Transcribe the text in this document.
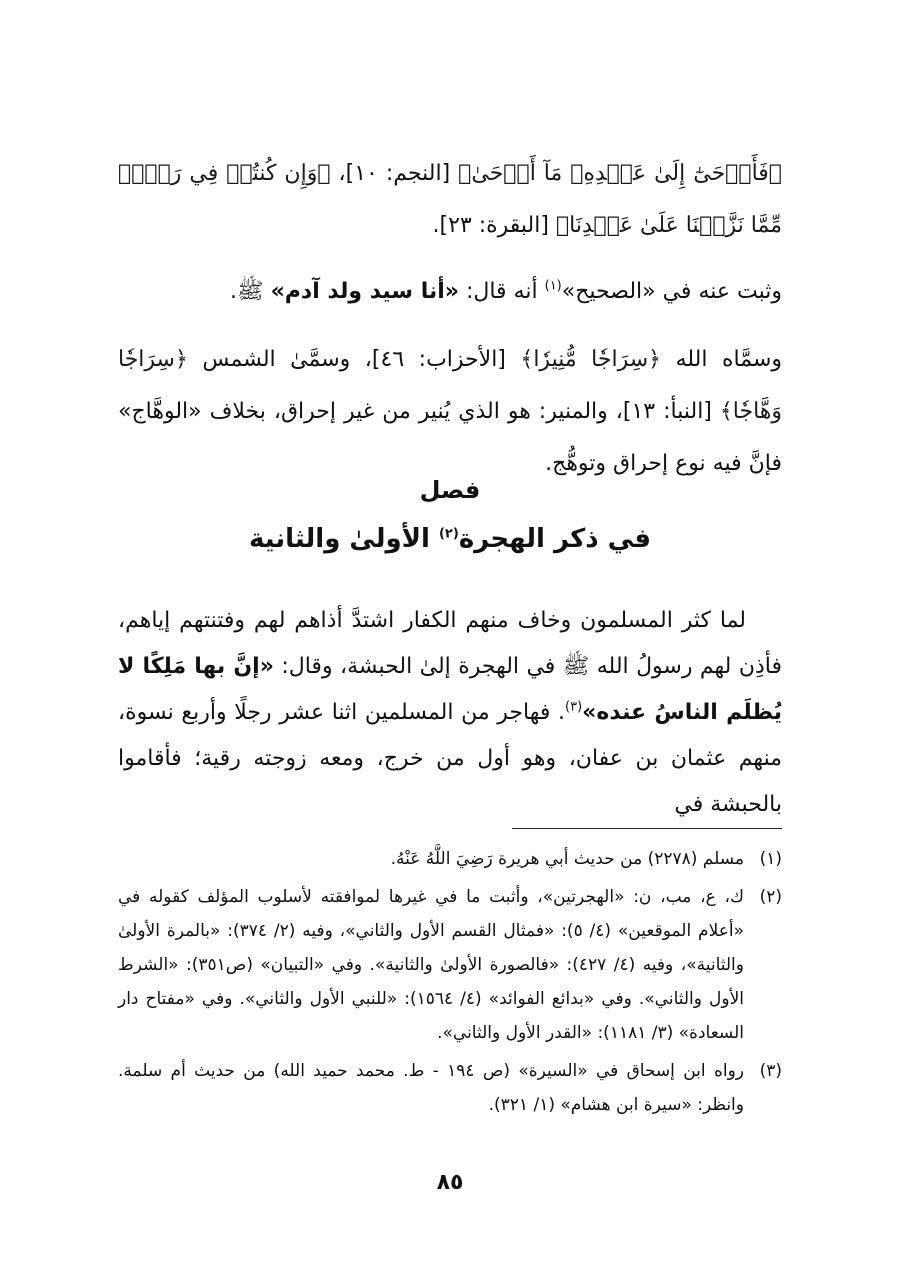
﴿فَأَوۡحَىٰٓ إِلَىٰ عَبۡدِهِۦ مَآ أَوۡحَىٰ﴾ [النجم: ١٠]، ﴿وَإِن كُنتُمۡ فِي رَيۡبٖ مِّمَّا نَزَّلۡنَا عَلَىٰ عَبۡدِنَا﴾ [البقرة: ٢٣].

وثبت عنه في «الصحيح»$^{(١)}$ أنه قال: «أنا سيد ولد آدم» ﷺ.

وسمَّاه الله ﴿سِرَاجٗا مُّنِيرٗا﴾ [الأحزاب: ٤٦]، وسمَّىٰ الشمس ﴿سِرَاجٗا وَهَّاجٗا﴾ [النبأ: ١٣]، والمنير: هو الذي يُنير من غير إحراق، بخلاف «الوهَّاج» فإنَّ فيه نوع إحراق وتوهُّج.

فصل
في ذكر الهجرة$^{(٢)}$ الأولىٰ والثانية

لما كثر المسلمون وخاف منهم الكفار اشتدَّ أذاهم لهم وفتنتهم إياهم، فأذِن لهم رسولُ الله ﷺ في الهجرة إلىٰ الحبشة، وقال: «إنَّ بها مَلِكًا لا يُظلَم الناسُ عنده»$^{(٣)}$. فهاجر من المسلمين اثنا عشر رجلًا وأربع نسوة، منهم عثمان بن عفان، وهو أول من خرج، ومعه زوجته رقية؛ فأقاموا بالحبشة في

(١)
مسلم (٢٢٧٨) من حديث أبي هريرة رَضِيَ اللَّهُ عَنْهُ.
(٢)
ك، ع، مب، ن: «الهجرتين»، وأثبت ما في غيرها لموافقته لأسلوب المؤلف كقوله في «أعلام الموقعين» (٤/ ٥): «فمثال القسم الأول والثاني»، وفيه (٢/ ٣٧٤): «بالمرة الأولىٰ والثانية»، وفيه (٤/ ٤٢٧): «فالصورة الأولىٰ والثانية». وفي «التبيان» (ص٣٥١): «الشرط الأول والثاني». وفي «بدائع الفوائد» (٤/ ١٥٦٤): «للنبي الأول والثاني». وفي «مفتاح دار السعادة» (٣/ ١١٨١): «القدر الأول والثاني».
(٣)
رواه ابن إسحاق في «السيرة» (ص ١٩٤ - ط. محمد حميد الله) من حديث أم سلمة. وانظر: «سيرة ابن هشام» (١/ ٣٢١).
٨٥
